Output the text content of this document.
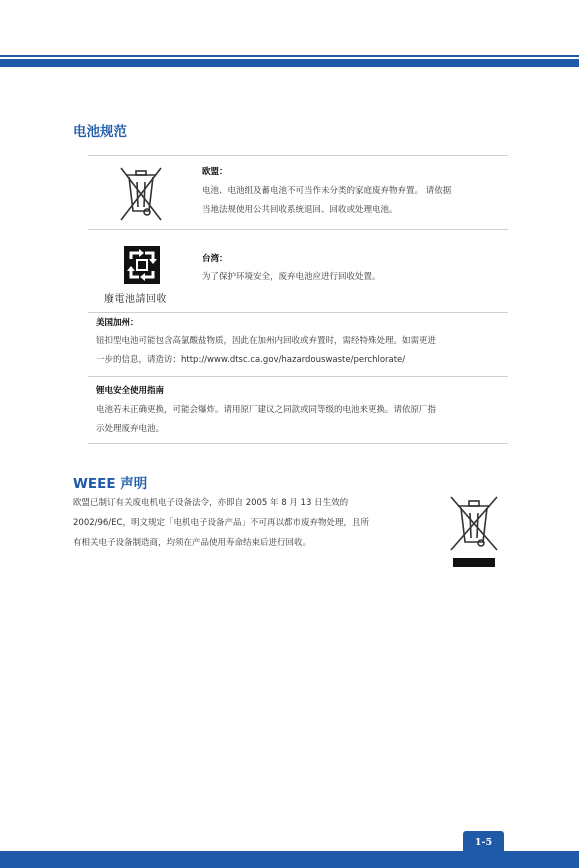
电池规范

欧盟：

电池、电池组及蓄电池不可当作未分类的家庭废弃物弃置。 请依据

当地法规使用公共回收系统退回、回收或处理电池。

廢電池請回收

台湾：

为了保护环境安全，废弃电池应进行回收处置。

美国加州：

钮扣型电池可能包含高氯酸盐物质，因此在加州内回收或弃置时，需经特殊处理。如需更进

一步的信息，请造访：http://www.dtsc.ca.gov/hazardouswaste/perchlorate/

锂电安全使用指南

电池若未正确更换，可能会爆炸。请用原厂建议之同款或同等级的电池来更换。请依原厂指

示处理废弃电池。

WEEE 声明

欧盟已制订有关废电机电子设备法令，亦即自 2005 年 8 月 13 日生效的

2002/96/EC，明文规定「电机电子设备产品」不可再以都市废弃物处理，且所

有相关电子设备制造商，均须在产品使用寿命结束后进行回收。

1-5
